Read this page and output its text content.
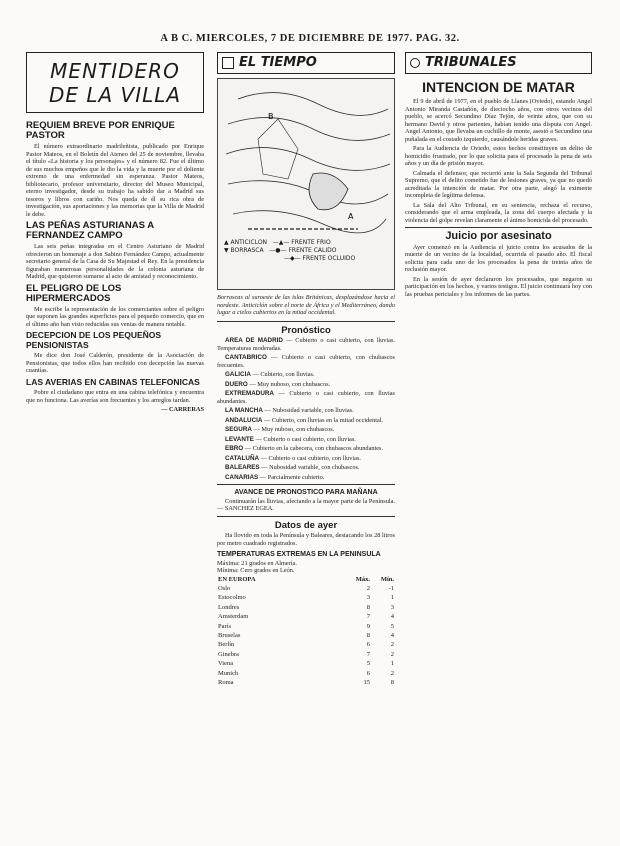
A B C. MIERCOLES, 7 DE DICIEMBRE DE 1977. PAG. 32.
MENTIDERO
DE LA VILLA
REQUIEM BREVE POR ENRIQUE PASTOR

El número extraordinario madrileñista, publicado por Enrique Pastor Mateos, en el Boletín del Ateneo del 25 de noviembre, llevaba el título «La historia y los personajes» y el número 82. Fue el último de sus muchos empeños que le dio la vida y la muerte por el doliente extremo de una enfermedad sin esperanza. Pastor Mateos, bibliotecario, profesor universitario, director del Museo Municipal, eterno investigador, desde su trabajo ha sabido dar a Madrid sus tesoros y libros con cariño. Nos queda de él su rica obra de investigación, sus aportaciones y las memorias que la Villa de Madrid le debe.

LAS PEÑAS ASTURIANAS A FERNANDEZ CAMPO

Las seis peñas integradas en el Centro Asturiano de Madrid ofrecieron un homenaje a don Sabino Fernández Campo, actualmente secretario general de la Casa de Su Majestad el Rey. En la presidencia figuraban numerosas personalidades de la colonia asturiana de Madrid, que quisieron sumarse al acto de amistad y reconocimiento.

EL PELIGRO DE LOS HIPERMERCADOS

Me escribe la representación de los comerciantes sobre el peligro que suponen las grandes superficies para el pequeño comercio, que en el último año han visto reducidas sus ventas de manera notable.

DECEPCION DE LOS PEQUEÑOS PENSIONISTAS

Me dice don José Calderón, presidente de la Asociación de Pensionistas, que todos ellos han recibido con decepción las nuevas cuantías.

LAS AVERIAS EN CABINAS TELEFONICAS

Pobre el ciudadano que entra en una cabina telefónica y encuentra que no funciona. Las averías son frecuentes y los arreglos tardan.

— CARRERAS
EL TIEMPO
B
A
▲ ANTICICLON   —▲— FRENTE FRIO
▼ BORRASCA   —●— FRENTE CALIDO
—◆— FRENTE OCLUIDO
Borrascas al suroeste de las islas Británicas, desplazándose hacia el nordeste. Anticiclón sobre el norte de África y el Mediterráneo, dando lugar a cielos cubiertos en la mitad occidental.
Pronóstico

AREA DE MADRID — Cubierto o casi cubierto, con lluvias. Temperaturas moderadas.

CANTABRICO — Cubierto o casi cubierto, con chubascos frecuentes.

GALICIA — Cubierto, con lluvias.

DUERO — Muy nuboso, con chubascos.

EXTREMADURA — Cubierto o casi cubierto, con lluvias abundantes.

LA MANCHA — Nubosidad variable, con lluvias.

ANDALUCIA — Cubierto, con lluvias en la mitad occidental.

SEGURA — Muy nuboso, con chubascos.

LEVANTE — Cubierto o casi cubierto, con lluvias.

EBRO — Cubierto en la cabecera, con chubascos abundantes.

CATALUÑA — Cubierto o casi cubierto, con lluvias.

BALEARES — Nubosidad variable, con chubascos.

CANARIAS — Parcialmente cubierto.

AVANCE DE PRONOSTICO PARA MAÑANA

Continuarán las lluvias, afectando a la mayor parte de la Península. — SANCHEZ EGEA.

Datos de ayer

Ha llovido en toda la Península y Baleares, destacando los 28 litros por metro cuadrado registrados.

TEMPERATURAS EXTREMAS EN LA PENINSULA
Máxima: 21 grados en Almería.
Mínima: Cero grados en León.
EN EUROPA	Máx.	Mín.
Oslo	2	-1
Estocolmo	3	1
Londres	8	3
Amsterdam	7	4
París	9	5
Bruselas	8	4
Berlín	6	2
Ginebra	7	2
Viena	5	1
Munich	6	2
Roma	15	8
TRIBUNALES
INTENCION DE MATAR

El 9 de abril de 1977, en el pueblo de Llanes (Oviedo), estando Angel Antonio Miranda Castañón, de dieciocho años, con otros vecinos del pueblo, se acercó Secundino Díaz Tejón, de veinte años, que con su hermano David y otros parientes, habían tenido una disputa con Angel. Angel Antonio, que llevaba un cuchillo de monte, asestó a Secundino una puñalada en el costado izquierdo, causándole heridas graves.

Para la Audiencia de Oviedo, estos hechos constituyen un delito de homicidio frustrado, por lo que solicita para el procesado la pena de seis años y un día de prisión mayor.

Calmada el defensor, que recurrió ante la Sala Segunda del Tribunal Supremo, que el delito cometido fue de lesiones graves, ya que no quedó acreditada la intención de matar. Por otra parte, alegó la eximente incompleta de legítima defensa.

La Sala del Alto Tribunal, en su sentencia, rechaza el recurso, considerando que el arma empleada, la zona del cuerpo afectada y la violencia del golpe revelan claramente el ánimo homicida del procesado.

Juicio por asesinato

Ayer comenzó en la Audiencia el juicio contra los acusados de la muerte de un vecino de la localidad, ocurrida el pasado año. El fiscal solicita para cada uno de los procesados la pena de treinta años de reclusión mayor.

En la sesión de ayer declararon los procesados, que negaron su participación en los hechos, y varios testigos. El juicio continuará hoy con las pruebas periciales y los informes de las partes.
